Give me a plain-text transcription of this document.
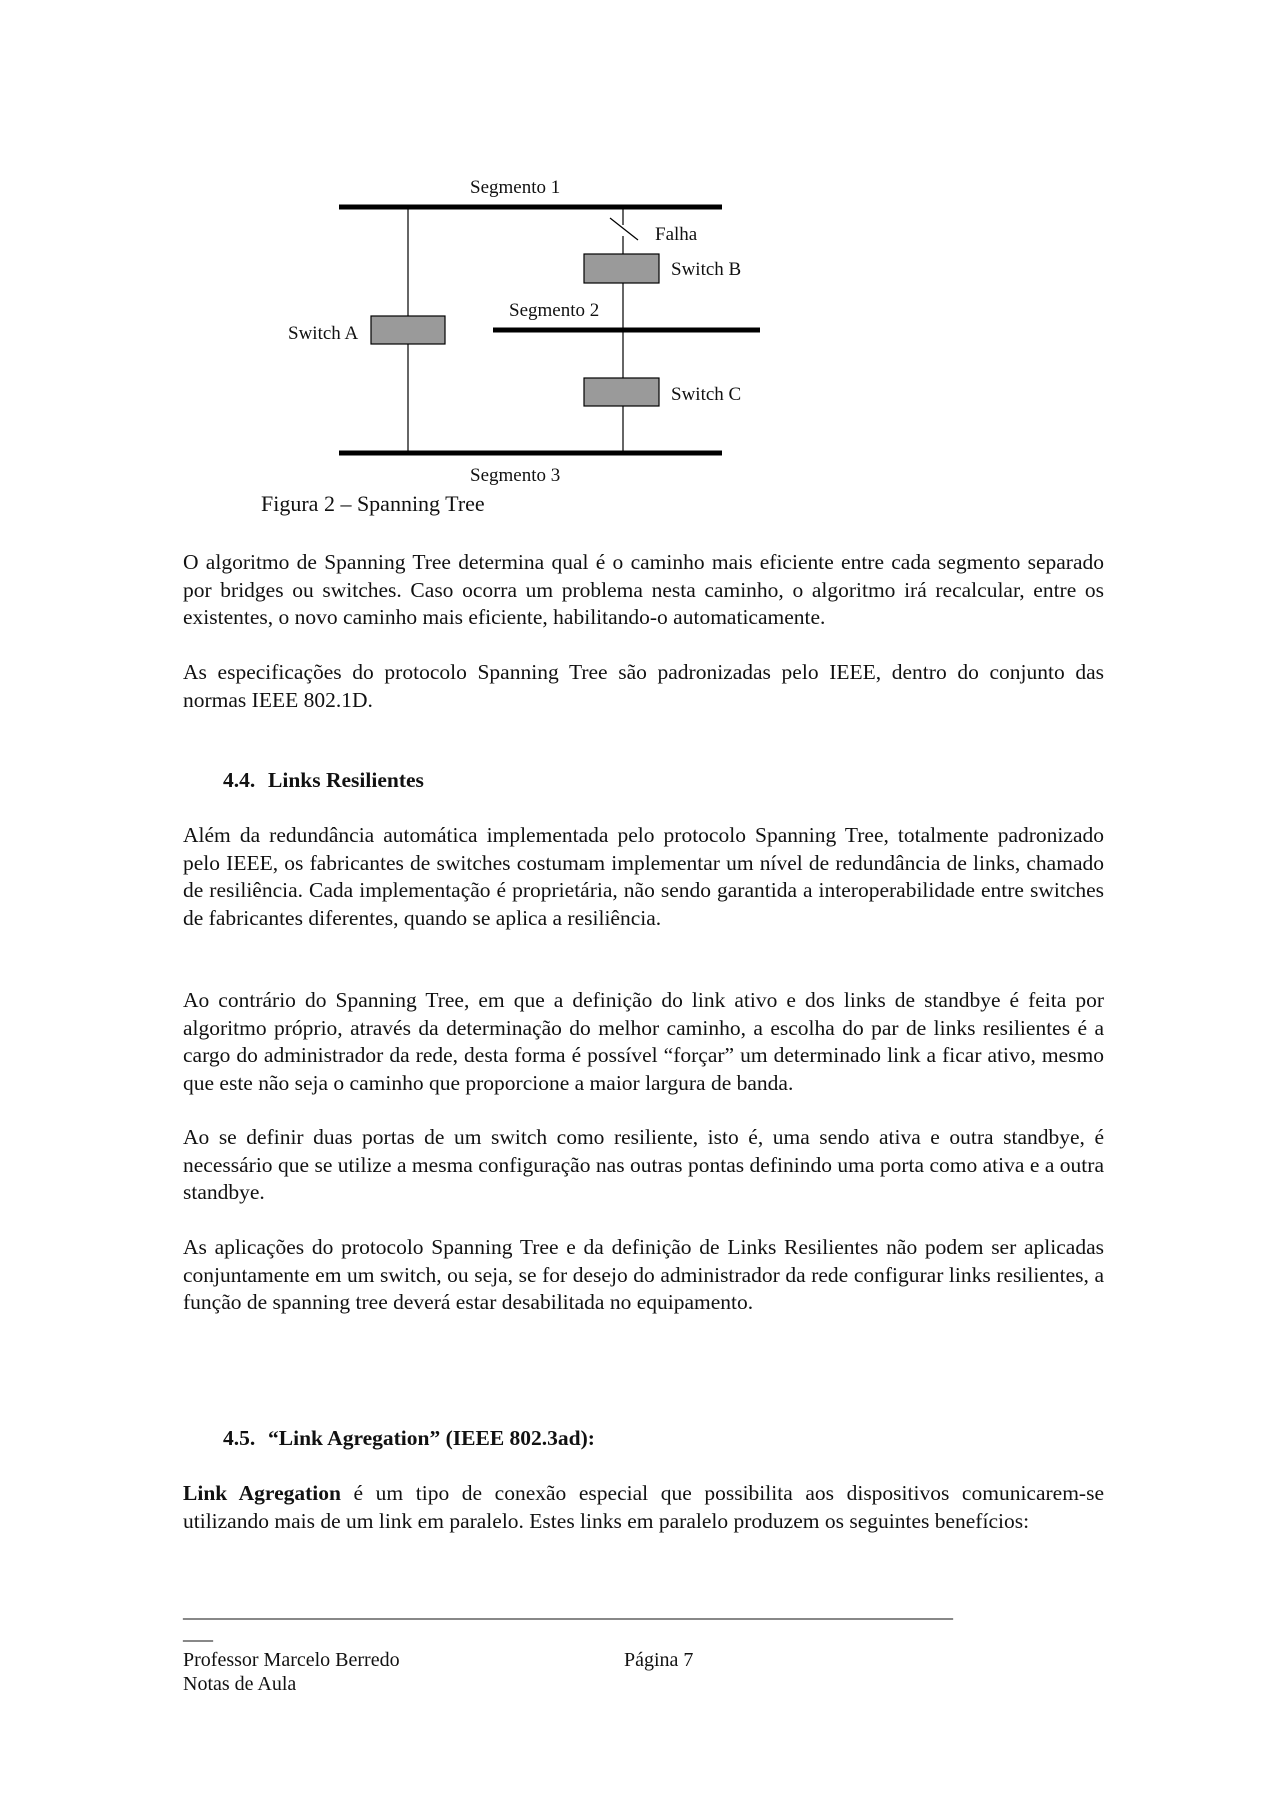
Segmento 1
Falha
Switch B
Segmento 2
Switch A
Switch C
Segmento 3
Figura 2 – Spanning Tree

O algoritmo de Spanning Tree determina qual é o caminho mais eficiente entre cada segmento separado por bridges ou switches. Caso ocorra um problema nesta caminho, o algoritmo irá recalcular, entre os existentes, o novo caminho mais eficiente, habilitando-o automaticamente.

As especificações do protocolo Spanning Tree são padronizadas pelo IEEE, dentro do conjunto das normas IEEE 802.1D.

4.4. Links Resilientes

Além da redundância automática implementada pelo protocolo Spanning Tree, totalmente padronizado pelo IEEE, os fabricantes de switches costumam implementar um nível de redundância de links, chamado de resiliência. Cada implementação é proprietária, não sendo garantida a interoperabilidade entre switches de fabricantes diferentes, quando se aplica a resiliência.

Ao contrário do Spanning Tree, em que a definição do link ativo e dos links de standbye é feita por algoritmo próprio, através da determinação do melhor caminho, a escolha do par de links resilientes é a cargo do administrador da rede, desta forma é possível “forçar” um determinado link a ficar ativo, mesmo que este não seja o caminho que proporcione a maior largura de banda.

Ao se definir duas portas de um switch como resiliente, isto é, uma sendo ativa e outra standbye, é necessário que se utilize a mesma configuração nas outras pontas definindo uma porta como ativa e a outra standbye.

As aplicações do protocolo Spanning Tree e da definição de Links Resilientes não podem ser aplicadas conjuntamente em um switch, ou seja, se for desejo do administrador da rede configurar links resilientes, a função de spanning tree deverá estar desabilitada no equipamento.

4.5. “Link Agregation” (IEEE 802.3ad):

Link Agregation é um tipo de conexão especial que possibilita aos dispositivos comunicarem-se utilizando mais de um link em paralelo. Estes links em paralelo produzem os seguintes benefícios:

_____________________________________________________________________________
___
Professor Marcelo Berredo	Página 7
Notas de Aula
